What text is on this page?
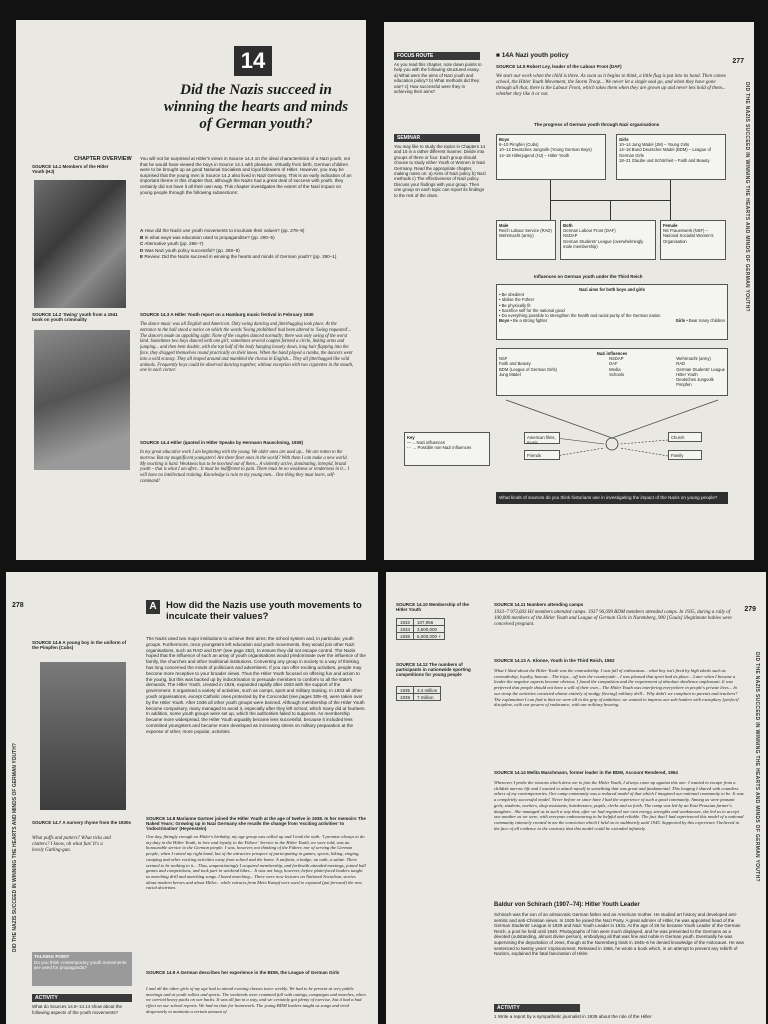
14
Did the Nazis succeed in winning the hearts and minds of German youth?
CHAPTER OVERVIEW
SOURCE 14.1 Members of the Hitler Youth (HJ)
You will not be surprised at Hitler's views in Source 14.4 on the ideal characteristics of a Nazi youth, nor that he would have viewed the boys in Source 14.1 with pleasure. Virtually from birth, German children were to be brought up as good National Socialists and loyal followers of Hitler. However, you may be surprised that the young men in Source 14.2 also lived in Nazi Germany. This is an early indication of an important theme in this chapter that, although the Nazis had a great deal of success with youth, they certainly did not have it all their own way. This chapter investigates the extent of the Nazi impact on young people through the following subsections:
A How did the Nazis use youth movements to inculcate their values? (pp. 278–9)
B In what ways was education used to propagandise? (pp. 280–5)
C Alternative youth (pp. 286–7)
D Was Nazi youth policy successful? (pp. 288–9)
E Review: Did the Nazis succeed in winning the hearts and minds of German youth? (pp. 290–1)
SOURCE 14.2 'Swing' youth from a 1941 book on youth criminality
SOURCE 14.3 A Hitler Youth report on a Hamburg music festival in February 1940
The dance music was all English and American. Only swing dancing and jitterbugging took place. At the entrance to the hall stood a notice on which the words 'Swing prohibited' had been altered to 'Swing requested'... The dancers made an appalling sight. None of the couples danced normally; there was only swing of the worst kind. Sometimes two boys danced with one girl; sometimes several couples formed a circle, linking arms and jumping... and then bent double, with the top half of the body hanging loosely down, long hair flapping into the face, they dragged themselves round practically on their knees. When the band played a rumba, the dancers went into a wild ecstasy. They all leaped around and mumbled the chorus in English... They all jitterbugged like wild animals. Frequently boys could be observed dancing together, without exception with two cigarettes in the mouth, one in each corner.
SOURCE 14.4 Hitler (quoted in Hitler Speaks by Hermann Rauschning, 1939)
In my great educative work I am beginning with the young. We older ones are used up... We are rotten to the marrow. But my magnificent youngsters! Are there finer ones in the world? With them I can make a new world. My teaching is hard. Weakness has to be knocked out of them... A violently active, dominating, intrepid, brutal youth – that is what I am after... It must be indifferent to pain. There must be no weakness or tenderness in it... I will have no intellectual training. Knowledge is ruin to my young men... One thing they must learn, self-command!
277
FOCUS ROUTE
As you read this chapter, note down points to help you with the following structured essay. a) What were the aims of Nazi youth and education policy? b) What methods did they use? c) How successful were they in achieving their aims?
SEMINAR
You may like to study the topics in Chapters 14 and 15 in a rather different manner. Divide into groups of three or four. Each group should choose to study either Youth or Women in Nazi Germany. Read the appropriate chapter, making notes on: a) Aims of Nazi policy b) Nazi methods c) The effectiveness of Nazi policy. Discuss your findings with your group. Then one group on each topic can report its findings to the rest of the class.
■ 14A Nazi youth policy
SOURCE 14.5 Robert Ley, leader of the Labour Front (DAF)
We start our work when the child is three. As soon as it begins to think, a little flag is put into its hand. Then comes school, the Hitler Youth Movement, the Storm Troop... We never let a single soul go, and when they have gone through all that, there is the Labour Front, which takes them when they are grown up and never lets hold of them... whether they like it or not.
The progress of German youth through Nazi organisations
Boys
6–10 Pimpfen (Cubs)
10–14 Deutsches Jungvolk (Young German Boys)
14–18 Hitlerjugend (HJ) – Hitler Youth
Girls
10–14 Jung Mädel (JM) – Young Girls
14–18 Bund Deutscher Mädel (BDM) – League of German Girls
18–21 Glaube und Schönheit – Faith and Beauty
Male
Reich Labour Service (RAD)
Wehrmacht (army)
Both
German Labour Front (DAF)
NSDAP
German Students' League (overwhelmingly male membership)
Female
NS Frauenwerk (NSF) – National Socialist Women's Organisation
Influences on German youth under the Third Reich
Nazi aims for both boys and girls
• Be obedient
• Idolise the Führer
• Be physically fit
• Sacrifice self for the national good
• Do everything possible to strengthen the health and racial purity of the German nation
Boys • Be a strong fighter	Girls • Bear many children
Nazi influences
NSF
Faith and Beauty
BDM (League of German Girls)
Jung Mädel
NSDAP
DAF
Media
Schools
Wehrmacht (army)
RAD
German Students' League
Hitler Youth
Deutsches Jungvolk
Pimpfen
American films, music
Friends
Church
Family
Key
—→ Nazi influences
- - → Possible non-Nazi influences
What kinds of sources do you think historians use in investigating the impact of the Nazis on young people?
DID THE NAZIS SUCCEED IN WINNING THE HEARTS AND MINDS OF GERMAN YOUTH?
278
DID THE NAZIS SUCCEED IN WINNING THE HEARTS AND MINDS OF GERMAN YOUTH?
A How did the Nazis use youth movements to inculcate their values?
SOURCE 14.6 A young boy in the uniform of the Pimpfen (Cubs)
The Nazis used two major institutions to achieve their aims: the school system and, in particular, youth groups. Furthermore, once youngsters left education and youth movements, they would join other Nazi organisations, such as RAD and DAF (see page 252), to ensure they did not escape control. The Nazis hoped that the influence of such an array of youth organisations would predominate over the influence of the family, the churches and other traditional institutions. Converting any group in society to a way of thinking has long concerned the minds of politicians and advertisers. If you can offer exciting activities, people may become more receptive to your broader views. Thus the Hitler Youth focused on offering fun and action to the young, but this was backed up by indoctrination to persuade members to conform to all the state's demands. The Hitler Youth, created in 1926, expanded rapidly after 1933 with the support of the government. It organised a variety of activities, such as camps, sport and military training. In 1933 all other youth organisations, except Catholic ones protected by the Concordat (see pages 308–9), were taken over by the Hitler Youth. After 1936 all other youth groups were banned. Although membership of the Hitler Youth became compulsory, many managed to avoid it, especially after they left school, which many did at fourteen. In addition, some youth groups were set up, which the authorities failed to suppress. As membership became more widespread, the Hitler Youth arguably became less successful, because it included less committed youngsters and became more developed as increasing stress on military preparation at the expense of other, more popular, activities.
SOURCE 14.7 A nursery rhyme from the 1930s
What puffs and patters? What ticks and clatters? I know, oh what fun! It's a lovely Gatling-gun.
SOURCE 14.8 Marianne Gartner joined the Hitler Youth at the age of twelve in 1938. In her memoirs The Naked Years: Growing up in Nazi Germany she recalls the change from 'exciting activities' to 'indoctrination' (Heyenstein)
One day, fittingly enough on Hitler's birthday, my age group was called up and I took the oath: 'I promise always to do my duty in the Hitler Youth, in love and loyalty to the Führer.' Service in the Hitler Youth, we were told, was an honourable service to the German people. I was, however, not thinking of the Führer, nor of serving the German people, when I raised my right hand, but of the attractive prospect of participating in games, sports, hiking, singing, camping and other exciting activities away from school and the home. A uniform, a badge, an oath, a salute. There seemed to be nothing to it... Thus, unquestioningly I acquired membership, and forthwith attended meetings, joined ball games and competitions, and took part in weekend hikes... It was not long, however, before plain-faced leaders taught us marching drill and marching songs. I hated marching... There were now lectures on National Socialism, stories about modern heroes and about Hitler... while extracts from Mein Kampf were used to expound (put forward) the new racial doctrines.
TALKING POINT
Do you think contemporary youth movements are used for propaganda?
ACTIVITY
What do Sources 14.8–14.14 show about the following aspects of the youth movements?
SOURCE 14.9 A German describes her experience in the BDM, the League of German Girls
I and all the other girls of my age had to attend evening classes twice weekly. We had to be present at very public meetings and at youth rallies and sports. The weekends were crammed full with outings, campaigns and marches, when we carried heavy packs on our backs. It was all fun in a way, and we certainly got plenty of exercise, but it had a bad effect on our school reports. We had no time for homework. The young BDM leaders taught us songs and tried desperately to maintain a certain amount of
279
DID THE NAZIS SUCCEED IN WINNING THE HEARTS AND MINDS OF GERMAN YOUTH?
SOURCE 14.10 Membership of the Hitler Youth
1932	107,956
1934	3,500,000
1936	6,000,000 +
SOURCE 14.12 The numbers of participants in nationwide sporting competitions for young people
1935	3.4 million
1939	7 million
SOURCE 14.11 Numbers attending camps
1933–7 973,603 HJ members attended camps. 1937 96,699 BDM members attended camps. In 1935, during a rally of 100,000 members of the Hitler Youth and League of German Girls in Nuremberg, 900 [Gauls] illegitimate babies were conceived pregnant.
SOURCE 14.13 A. Klonne, Youth in the Third Reich, 1982
What I liked about the Hitler Youth was the comradeship. I was full of enthusiasm... what boy isn't fired by high ideals such as comradeship, loyalty, honour... The trips... off into the countryside... I was pleased that sport had its place... Later when I became a leader the negative aspects became obvious. I found the compulsion and the requirement of absolute obedience unpleasant. It was preferred that people should not have a will of their own... The Hitler Youth was interfering everywhere in people's private lives... In our troop the activities consisted almost entirely of stodgy [boring] military drill... Why didn't we complain to parents and teachers? The explanation I can find is that we were all in the grip of ambition; we wanted to impress our sub-leaders with exemplary [perfect] discipline, with our powers of endurance, with our military bearing.
SOURCE 14.14 Melita Maschmann, former leader in the BDM, Account Rendered, 1964
Whenever I probe the reasons which drew me to join the Hitler Youth, I always come up against this one: I wanted to escape from a childish narrow life and I wanted to attach myself to something that was great and fundamental. This longing I shared with countless others of my contemporaries. Our camp community was a reduced model of that which I imagined our national community to be. It was a completely successful model. Never before or since have I had the experience of such a good community. Among us were peasant girls, students, workers, shop assistants, hairdressers, pupils, clerks and so forth. The camp was led by an East Prussian farmer's daughter... She managed us in such a way that, after we had regained our own energy, strengths and weaknesses, she led us to accept one another as we were, with everyone endeavouring to be helpful and reliable. The fact that I had experienced this model of a national community intensely created in me the conviction which I held on to stubbornly until 1945. Supported by this experience I believed in the face of all evidence to the contrary that this model could be extended infinitely.
Baldur von Schirach (1907–74): Hitler Youth Leader
Schirach was the son of an aristocratic German father and an American mother. He studied art history and developed anti-semitic and anti-Christian views. In 1925 he joined the Nazi Party. A great admirer of Hitler, he was appointed head of the German Students' League in 1929 and Nazi Youth Leader in 1931. At the age of 26 he became Youth Leader of the German Reich, a post he held until 1940. Photographs of him were much displayed, and he was presented to the Germans as a devoted (outstanding, almost divine person), embodying all that was fine and noble in German youth. Eventually he was supervising the deportation of Jews, though at the Nuremberg trials in 1945–6 he denied knowledge of the Holocaust. He was sentenced to twenty years' imprisonment. Released in 1966, he wrote a book which, in an attempt to prevent any rebirth of Nazism, explained the fatal fascination of Hitler.
ACTIVITY
1 Write a report by a sympathetic journalist in 1939 about the role of the Hitler
